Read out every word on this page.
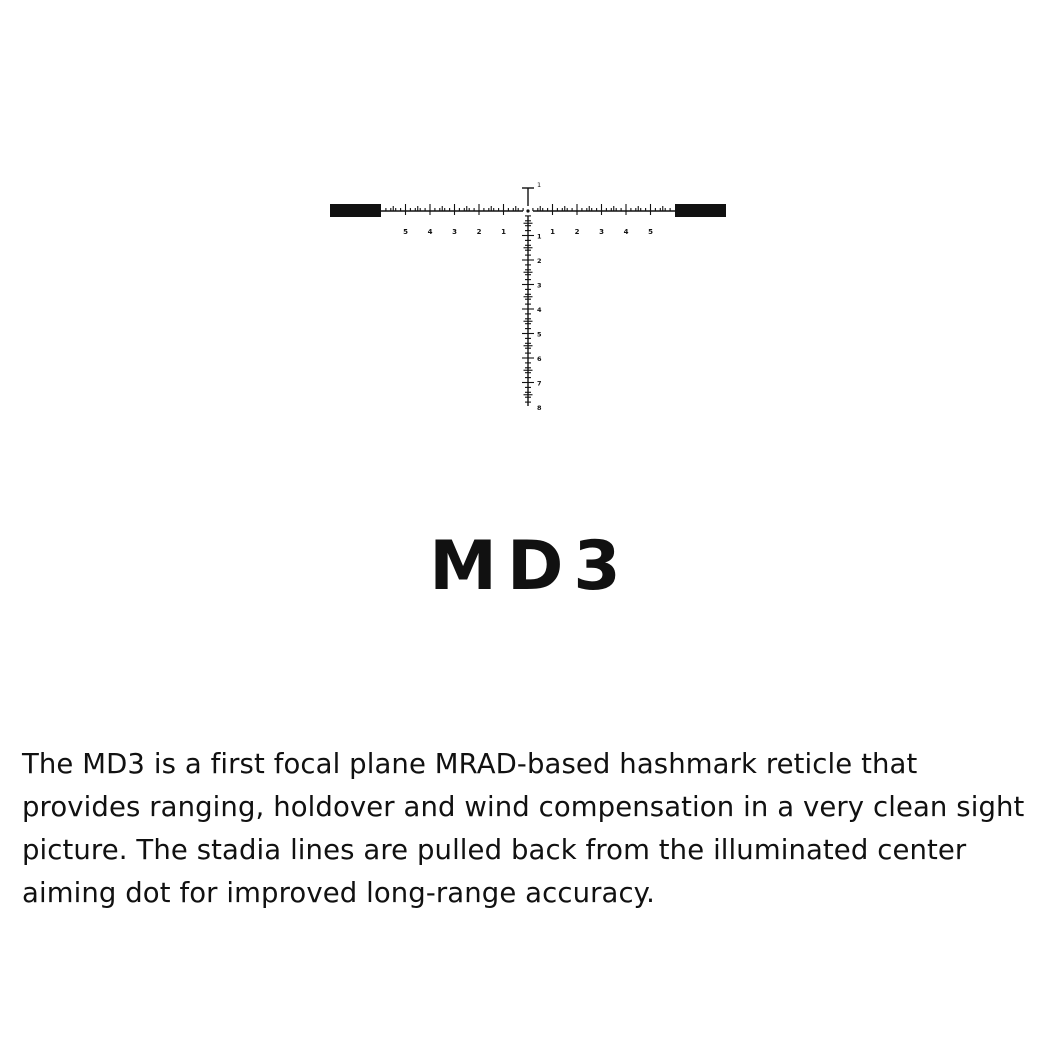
5	4	3	2	1	1	2	3	4	5
1
2
3
4
5
6
7
8
1
MD3

The MD3 is a first focal plane MRAD-based hashmark reticle that provides ranging, holdover and wind compensation in a very clean sight picture. The stadia lines are pulled back from the illuminated center aiming dot for improved long-range accuracy.
